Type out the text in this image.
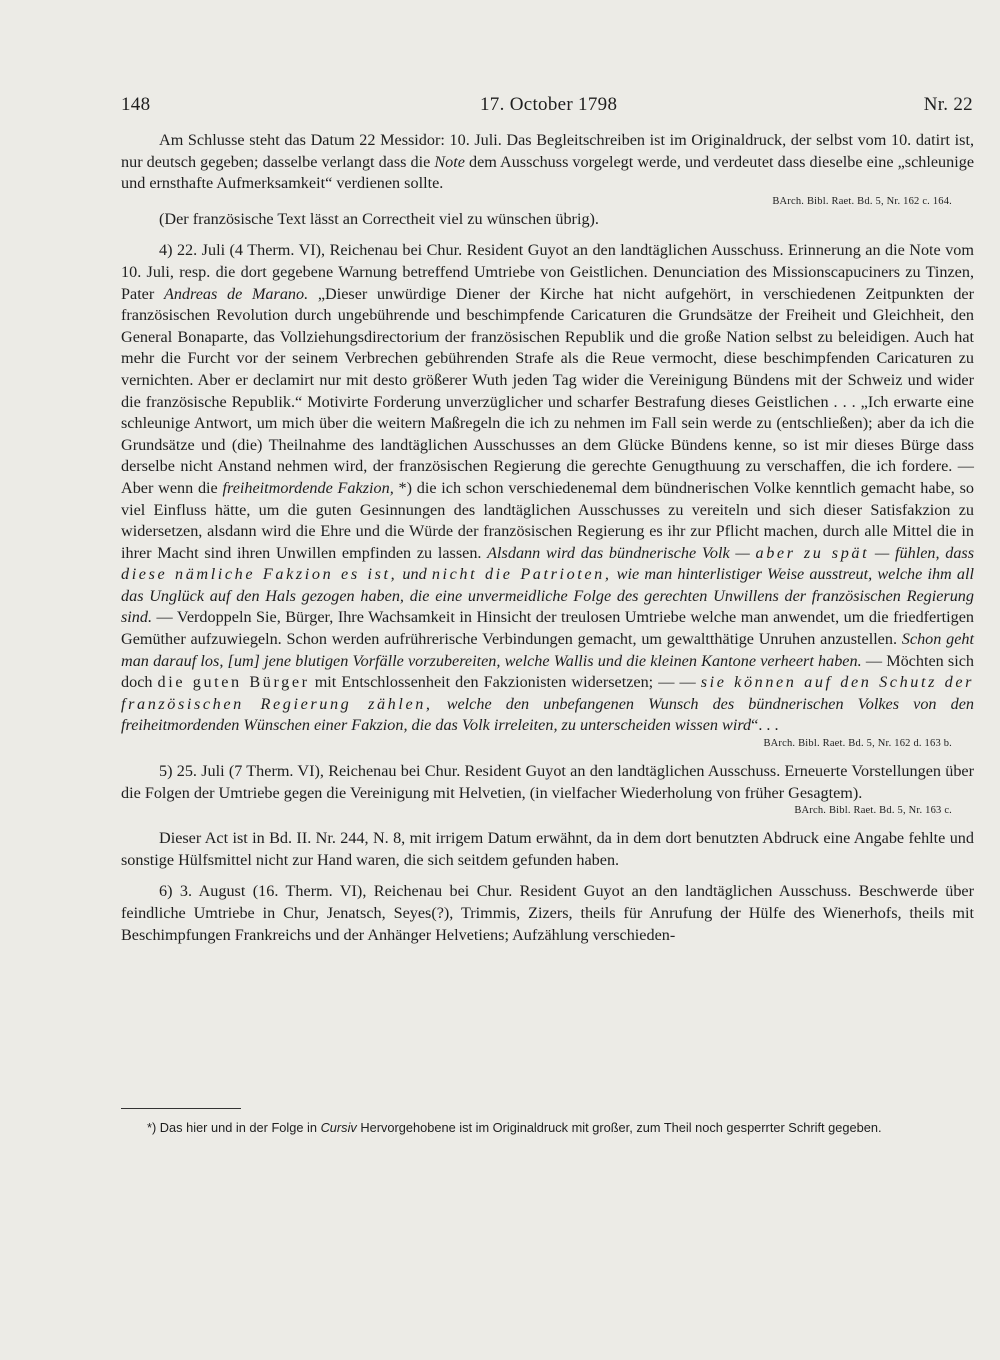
148	17. October 1798	Nr. 22

Am Schlusse steht das Datum 22 Messidor: 10. Juli. Das Begleitschreiben ist im Originaldruck, der selbst vom 10. datirt ist, nur deutsch gegeben; dasselbe verlangt dass die Note dem Ausschuss vorgelegt werde, und verdeutet dass dieselbe eine „schleunige und ernsthafte Aufmerksamkeit“ verdienen sollte.

BArch. Bibl. Raet. Bd. 5, Nr. 162 c. 164.

(Der französische Text lässt an Correctheit viel zu wünschen übrig).

4) 22. Juli (4 Therm. VI), Reichenau bei Chur. Resident Guyot an den landtäglichen Ausschuss. Erinnerung an die Note vom 10. Juli, resp. die dort gegebene Warnung betreffend Umtriebe von Geistlichen. Denunciation des Missionscapuciners zu Tinzen, Pater Andreas de Marano. „Dieser unwürdige Diener der Kirche hat nicht aufgehört, in verschiedenen Zeitpunkten der französischen Revolution durch ungebührende und beschimpfende Caricaturen die Grundsätze der Freiheit und Gleichheit, den General Bonaparte, das Vollziehungsdirectorium der französischen Republik und die große Nation selbst zu beleidigen. Auch hat mehr die Furcht vor der seinem Verbrechen gebührenden Strafe als die Reue vermocht, diese beschimpfenden Caricaturen zu vernichten. Aber er declamirt nur mit desto größerer Wuth jeden Tag wider die Vereinigung Bündens mit der Schweiz und wider die französische Republik.“ Motivirte Forderung unverzüglicher und scharfer Bestrafung dieses Geistlichen . . . „Ich erwarte eine schleunige Antwort, um mich über die weitern Maßregeln die ich zu nehmen im Fall sein werde zu (entschließen); aber da ich die Grundsätze und (die) Theilnahme des landtäglichen Ausschusses an dem Glücke Bündens kenne, so ist mir dieses Bürge dass derselbe nicht Anstand nehmen wird, der französischen Regierung die gerechte Genugthuung zu verschaffen, die ich fordere. — Aber wenn die freiheitmordende Fakzion, *) die ich schon verschiedenemal dem bündnerischen Volke kenntlich gemacht habe, so viel Einfluss hätte, um die guten Gesinnungen des landtäglichen Ausschusses zu vereiteln und sich dieser Satisfakzion zu widersetzen, alsdann wird die Ehre und die Würde der französischen Regierung es ihr zur Pflicht machen, durch alle Mittel die in ihrer Macht sind ihren Unwillen empfinden zu lassen. Alsdann wird das bündnerische Volk — aber zu spät — fühlen, dass diese nämliche Fakzion es ist, und nicht die Patrioten, wie man hinterlistiger Weise ausstreut, welche ihm all das Unglück auf den Hals gezogen haben, die eine unvermeidliche Folge des gerechten Unwillens der französischen Regierung sind. — Verdoppeln Sie, Bürger, Ihre Wachsamkeit in Hinsicht der treulosen Umtriebe welche man anwendet, um die friedfertigen Gemüther aufzuwiegeln. Schon werden aufrührerische Verbindungen gemacht, um gewaltthätige Unruhen anzustellen. Schon geht man darauf los, [um] jene blutigen Vorfälle vorzubereiten, welche Wallis und die kleinen Kantone verheert haben. — Möchten sich doch die guten Bürger mit Entschlossenheit den Fakzionisten widersetzen; — — sie können auf den Schutz der französischen Regierung zählen, welche den unbefangenen Wunsch des bündnerischen Volkes von den freiheitmordenden Wünschen einer Fakzion, die das Volk irreleiten, zu unterscheiden wissen wird“. . .

BArch. Bibl. Raet. Bd. 5, Nr. 162 d. 163 b.

5) 25. Juli (7 Therm. VI), Reichenau bei Chur. Resident Guyot an den landtäglichen Ausschuss. Erneuerte Vorstellungen über die Folgen der Umtriebe gegen die Vereinigung mit Helvetien, (in vielfacher Wiederholung von früher Gesagtem).

BArch. Bibl. Raet. Bd. 5, Nr. 163 c.

Dieser Act ist in Bd. II. Nr. 244, N. 8, mit irrigem Datum erwähnt, da in dem dort benutzten Abdruck eine Angabe fehlte und sonstige Hülfsmittel nicht zur Hand waren, die sich seitdem gefunden haben.

6) 3. August (16. Therm. VI), Reichenau bei Chur. Resident Guyot an den landtäglichen Ausschuss. Beschwerde über feindliche Umtriebe in Chur, Jenatsch, Seyes(?), Trimmis, Zizers, theils für Anrufung der Hülfe des Wienerhofs, theils mit Beschimpfungen Frankreichs und der Anhänger Helvetiens; Aufzählung verschieden-

*) Das hier und in der Folge in Cursiv Hervorgehobene ist im Originaldruck mit großer, zum Theil noch gesperrter Schrift gegeben.
